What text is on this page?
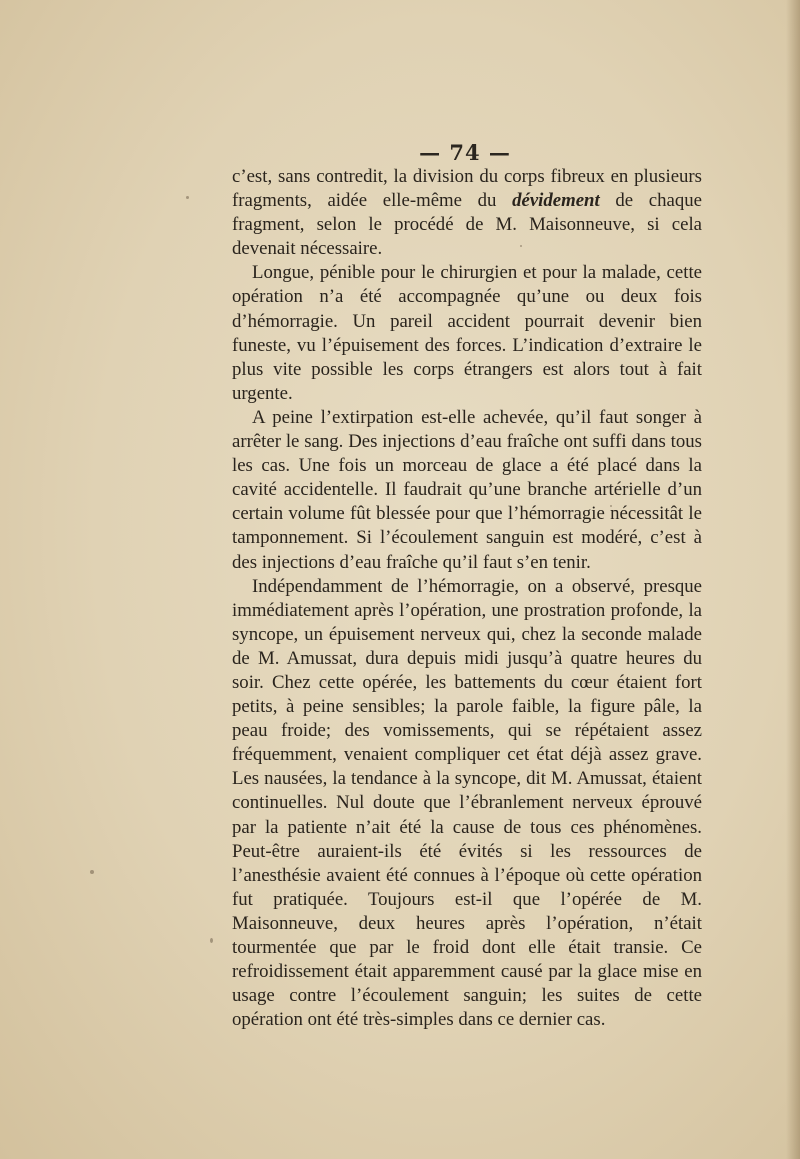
— 74 —

c’est, sans contredit, la division du corps fibreux en plusieurs fragments, aidée elle-même du dévidement de chaque fragment, selon le procédé de M. Maisonneuve, si cela devenait nécessaire.

Longue, pénible pour le chirurgien et pour la malade, cette opération n’a été accompagnée qu’une ou deux fois d’hémorragie. Un pareil accident pourrait devenir bien funeste, vu l’épuisement des forces. L’indication d’extraire le plus vite possible les corps étrangers est alors tout à fait urgente.

A peine l’extirpation est-elle achevée, qu’il faut songer à arrêter le sang. Des injections d’eau fraîche ont suffi dans tous les cas. Une fois un morceau de glace a été placé dans la cavité accidentelle. Il faudrait qu’une branche artérielle d’un certain volume fût blessée pour que l’hémorragie nécessitât le tamponnement. Si l’écoulement sanguin est modéré, c’est à des injections d’eau fraîche qu’il faut s’en tenir.

Indépendamment de l’hémorragie, on a observé, presque immédiatement après l’opération, une prostration profonde, la syncope, un épuisement nerveux qui, chez la seconde malade de M. Amussat, dura depuis midi jusqu’à quatre heures du soir. Chez cette opérée, les battements du cœur étaient fort petits, à peine sensibles; la parole faible, la figure pâle, la peau froide; des vomissements, qui se répétaient assez fréquemment, venaient compliquer cet état déjà assez grave. Les nausées, la tendance à la syncope, dit M. Amussat, étaient continuelles. Nul doute que l’ébranlement nerveux éprouvé par la patiente n’ait été la cause de tous ces phénomènes. Peut-être auraient-ils été évités si les ressources de l’anesthésie avaient été connues à l’époque où cette opération fut pratiquée. Toujours est-il que l’opérée de M. Maisonneuve, deux heures après l’opération, n’était tourmentée que par le froid dont elle était transie. Ce refroidissement était apparemment causé par la glace mise en usage contre l’écoulement sanguin; les suites de cette opération ont été très-simples dans ce dernier cas.
